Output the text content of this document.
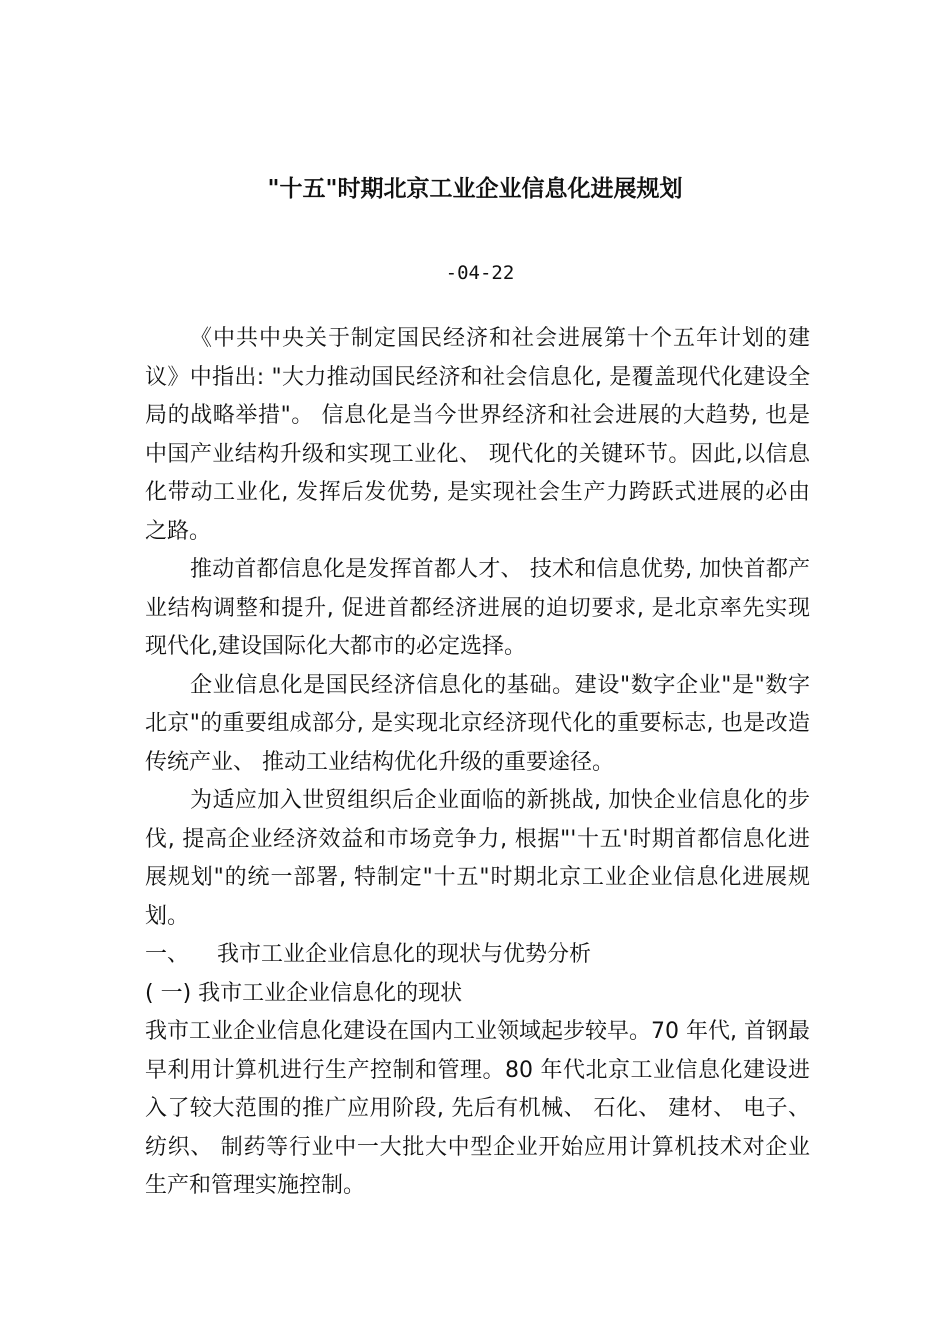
"十五"时期北京工业企业信息化进展规划
-04-22

《中共中央关于制定国民经济和社会进展第十个五年计划的建议》中指出: "大力推动国民经济和社会信息化, 是覆盖现代化建设全局的战略举措"。 信息化是当今世界经济和社会进展的大趋势, 也是中国产业结构升级和实现工业化、 现代化的关键环节。因此,以信息化带动工业化, 发挥后发优势, 是实现社会生产力跨跃式进展的必由之路。

推动首都信息化是发挥首都人才、 技术和信息优势, 加快首都产业结构调整和提升, 促进首都经济进展的迫切要求, 是北京率先实现现代化,建设国际化大都市的必定选择。

企业信息化是国民经济信息化的基础。建设"数字企业"是"数字北京"的重要组成部分, 是实现北京经济现代化的重要标志, 也是改造传统产业、 推动工业结构优化升级的重要途径。

为适应加入世贸组织后企业面临的新挑战, 加快企业信息化的步伐, 提高企业经济效益和市场竞争力, 根据"'十五'时期首都信息化进展规划"的统一部署, 特制定"十五"时期北京工业企业信息化进展规划。

一、    我市工业企业信息化的现状与优势分析

( 一) 我市工业企业信息化的现状

我市工业企业信息化建设在国内工业领域起步较早。70 年代, 首钢最早利用计算机进行生产控制和管理。80 年代北京工业信息化建设进入了较大范围的推广应用阶段, 先后有机械、 石化、 建材、 电子、 纺织、 制药等行业中一大批大中型企业开始应用计算机技术对企业生产和管理实施控制。
